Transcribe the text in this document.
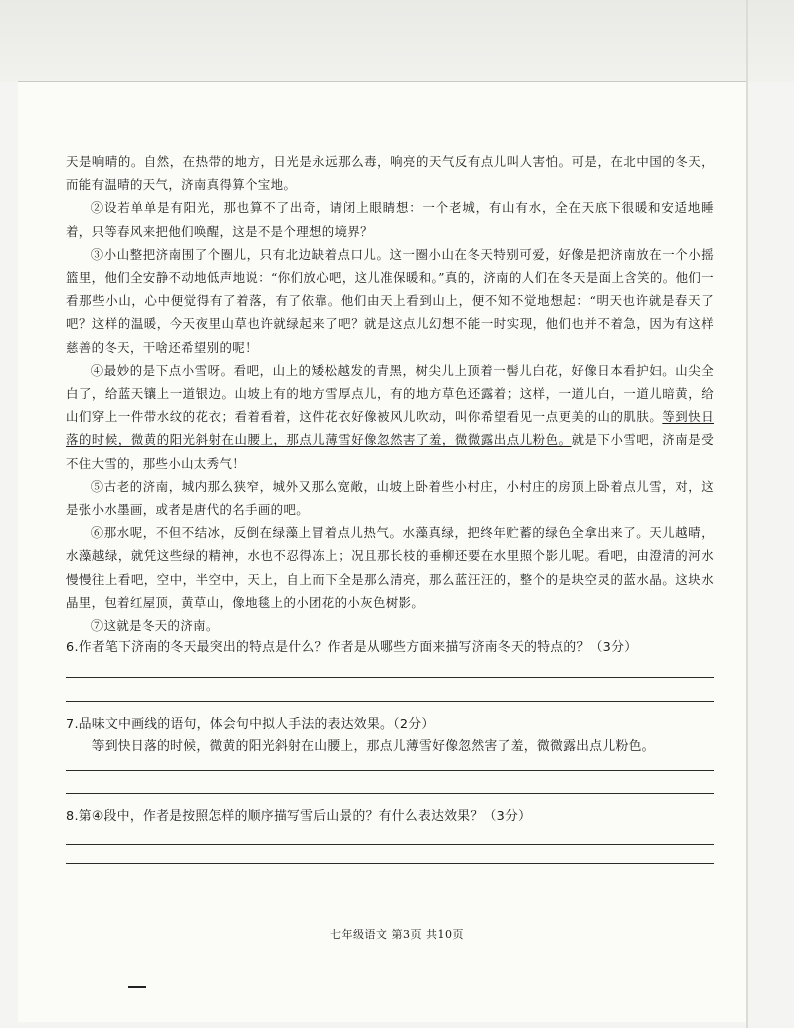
天是响晴的。自然，在热带的地方，日光是永远那么毒，响亮的天气反有点儿叫人害怕。可是，在北中国的冬天，而能有温晴的天气，济南真得算个宝地。

②设若单单是有阳光，那也算不了出奇，请闭上眼睛想：一个老城，有山有水，全在天底下很暖和安适地睡着，只等春风来把他们唤醒，这是不是个理想的境界？

③小山整把济南围了个圈儿，只有北边缺着点口儿。这一圈小山在冬天特别可爱，好像是把济南放在一个小摇篮里，他们全安静不动地低声地说：“你们放心吧，这儿准保暖和。”真的，济南的人们在冬天是面上含笑的。他们一看那些小山，心中便觉得有了着落，有了依靠。他们由天上看到山上，便不知不觉地想起：“明天也许就是春天了吧？这样的温暖，今天夜里山草也许就绿起来了吧？就是这点儿幻想不能一时实现，他们也并不着急，因为有这样慈善的冬天，干啥还希望别的呢！

④最妙的是下点小雪呀。看吧，山上的矮松越发的青黑，树尖儿上顶着一髻儿白花，好像日本看护妇。山尖全白了，给蓝天镶上一道银边。山坡上有的地方雪厚点儿，有的地方草色还露着；这样，一道儿白，一道儿暗黄，给山们穿上一件带水纹的花衣；看着看着，这件花衣好像被风儿吹动，叫你希望看见一点更美的山的肌肤。等到快日落的时候，微黄的阳光斜射在山腰上，那点儿薄雪好像忽然害了羞，微微露出点儿粉色。就是下小雪吧，济南是受不住大雪的，那些小山太秀气！

⑤古老的济南，城内那么狭窄，城外又那么宽敞，山坡上卧着些小村庄，小村庄的房顶上卧着点儿雪，对，这是张小水墨画，或者是唐代的名手画的吧。

⑥那水呢，不但不结冰，反倒在绿藻上冒着点儿热气。水藻真绿，把终年贮蓄的绿色全拿出来了。天儿越晴，水藻越绿，就凭这些绿的精神，水也不忍得冻上；况且那长枝的垂柳还要在水里照个影儿呢。看吧，由澄清的河水慢慢往上看吧，空中，半空中，天上，自上而下全是那么清亮，那么蓝汪汪的，整个的是块空灵的蓝水晶。这块水晶里，包着红屋顶，黄草山，像地毯上的小团花的小灰色树影。

⑦这就是冬天的济南。

6.作者笔下济南的冬天最突出的特点是什么？作者是从哪些方面来描写济南冬天的特点的？（3分）

7.品味文中画线的语句，体会句中拟人手法的表达效果。（2分）

等到快日落的时候，微黄的阳光斜射在山腰上，那点儿薄雪好像忽然害了羞，微微露出点儿粉色。

8.第④段中，作者是按照怎样的顺序描写雪后山景的？有什么表达效果？（3分）

七年级语文 第3页 共10页
